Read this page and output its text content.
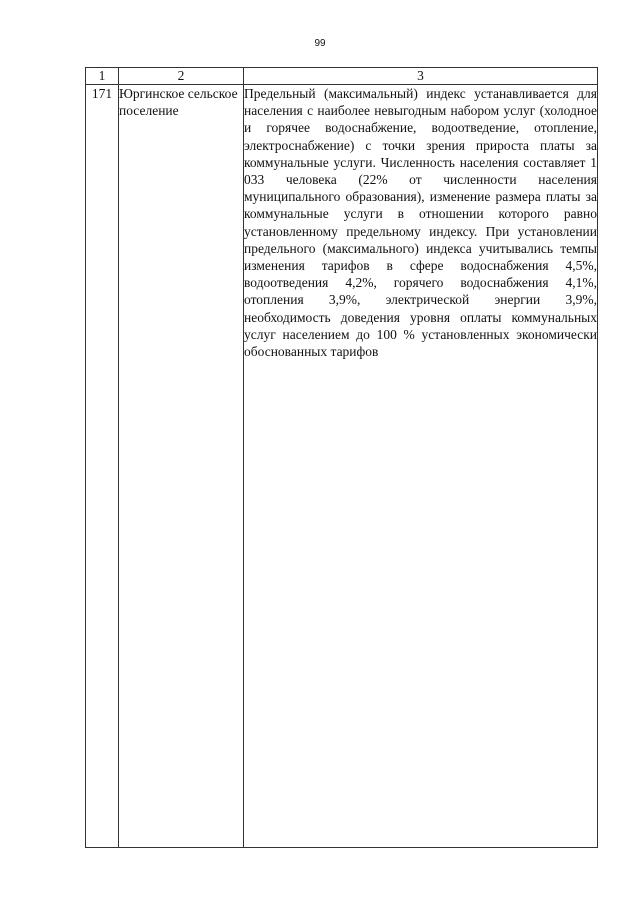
99
1	2	3
171	Юргинское сельское поселение	Предельный (максимальный) индекс устанавливается для населения с наиболее невыгодным набором услуг (холодное и горячее водоснабжение, водоотведение, отопление, электроснабжение) с точки зрения прироста платы за коммунальные услуги. Численность населения составляет 1 033 человека (22% от численности населения муниципального образования), изменение размера платы за коммунальные услуги в отношении которого равно установленному предельному индексу. При установлении предельного (максимального) индекса учитывались темпы изменения тарифов в сфере водоснабжения 4,5%, водоотведения 4,2%, горячего водоснабжения 4,1%, отопления 3,9%, электрической энергии 3,9%, необходимость доведения уровня оплаты коммунальных услуг населением до 100 % установленных экономически обоснованных тарифов
